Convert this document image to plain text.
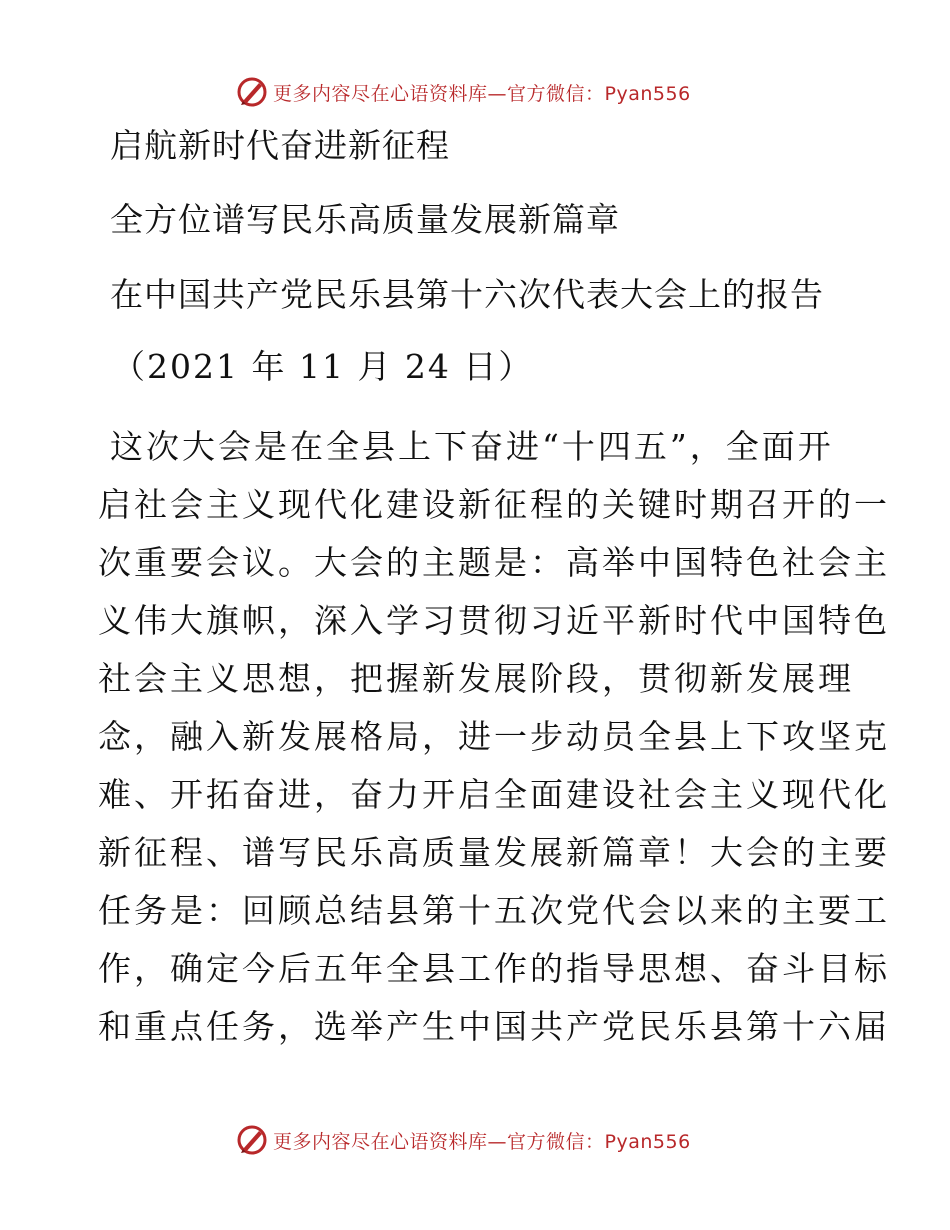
更多内容尽在心语资料库—官方微信：Pyan556
启航新时代奋进新征程
全方位谱写民乐高质量发展新篇章
在中国共产党民乐县第十六次代表大会上的报告
（2021 年 11 月 24 日）
这次大会是在全县上下奋进“十四五”，全面开
启社会主义现代化建设新征程的关键时期召开的一
次重要会议。大会的主题是：高举中国特色社会主
义伟大旗帜，深入学习贯彻习近平新时代中国特色
社会主义思想，把握新发展阶段，贯彻新发展理
念，融入新发展格局，进一步动员全县上下攻坚克
难、开拓奋进，奋力开启全面建设社会主义现代化
新征程、谱写民乐高质量发展新篇章！大会的主要
任务是：回顾总结县第十五次党代会以来的主要工
作，确定今后五年全县工作的指导思想、奋斗目标
和重点任务，选举产生中国共产党民乐县第十六届
更多内容尽在心语资料库—官方微信：Pyan556
